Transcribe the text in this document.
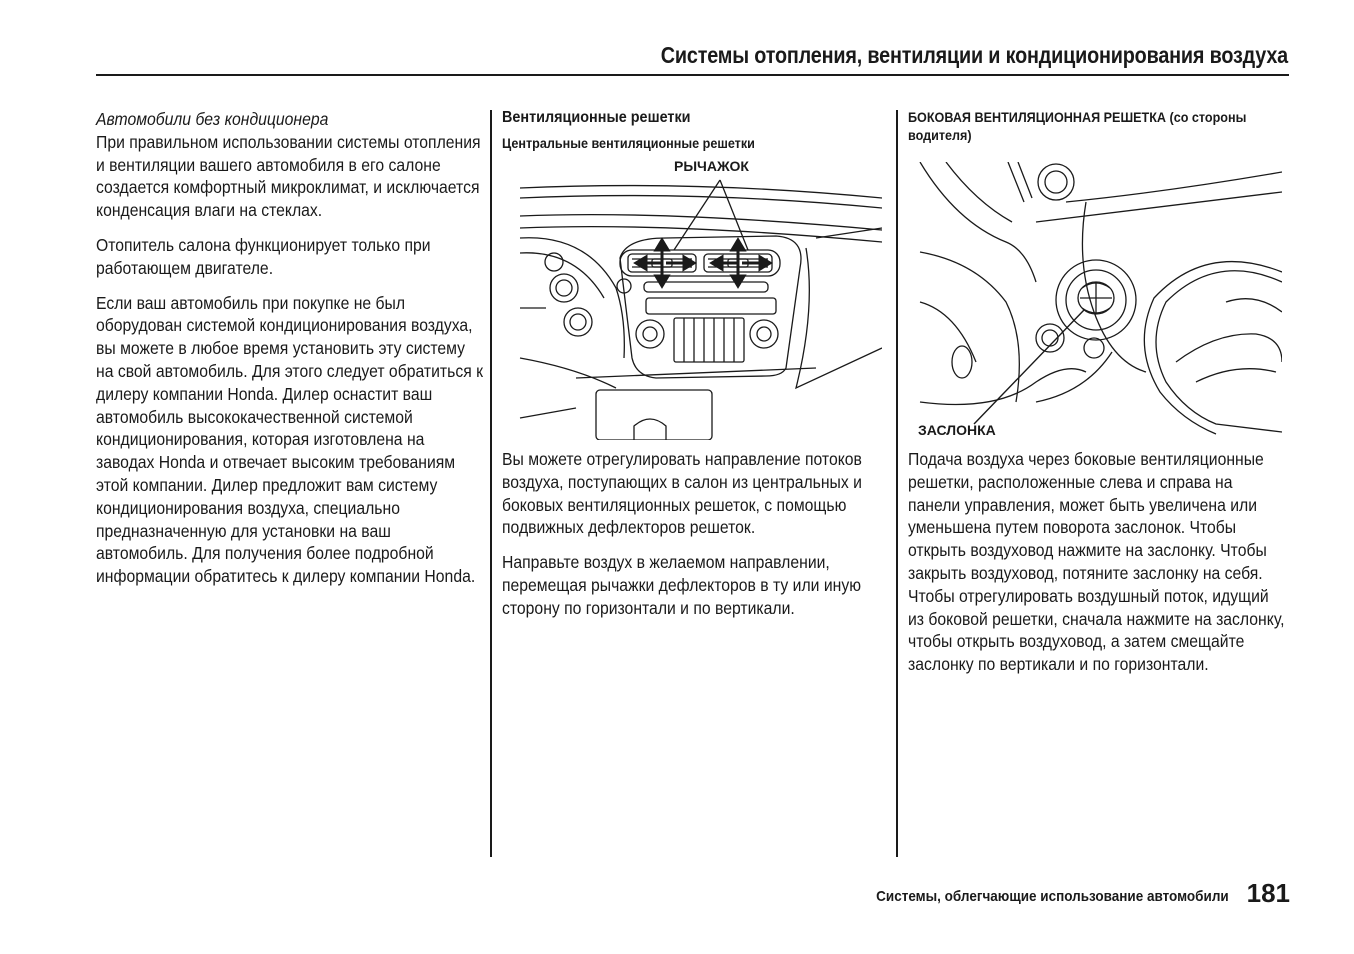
Системы отопления, вентиляции и кондиционирования воздуха
Автомобили без кондиционера

При правильном использовании системы отопления и вентиляции вашего автомобиля в его салоне создается комфортный микроклимат, и исключается конденсация влаги на стеклах.

Отопитель салона функционирует только при работающем двигателе.

Если ваш автомобиль при покупке не был оборудован системой кондиционирования воздуха, вы можете в любое время установить эту систему на свой автомобиль. Для этого следует обратиться к дилеру компании Honda. Дилер оснастит ваш автомобиль высококачественной системой кондиционирования, которая изготовлена на заводах Honda и отвечает высоким требованиям этой компании. Дилер предложит вам систему кондиционирования воздуха, специально предназначенную для установки на ваш автомобиль. Для получения более подробной информации обратитесь к дилеру компании Honda.

Вентиляционные решетки
Центральные вентиляционные решетки
РЫЧАЖОК

Вы можете отрегулировать направление потоков воздуха, поступающих в салон из центральных и боковых вентиляционных решеток, с помощью подвижных дефлекторов решеток.

Направьте воздух в желаемом направлении, перемещая рычажки дефлекторов в ту или иную сторону по горизонтали и по вертикали.

БОКОВАЯ ВЕНТИЛЯЦИОННАЯ РЕШЕТКА (со стороны водителя)
ЗАСЛОНКА

Подача воздуха через боковые вентиляционные решетки, расположенные слева и справа на панели управления, может быть увеличена или уменьшена путем поворота заслонок. Чтобы открыть воздуховод нажмите на заслонку. Чтобы закрыть воздуховод, потяните заслонку на себя. Чтобы отрегулировать воздушный поток, идущий из боковой решетки, сначала нажмите на заслонку, чтобы открыть воздуховод, а затем смещайте заслонку по вертикали и по горизонтали.

Системы, облегчающие использование автомобили 181
